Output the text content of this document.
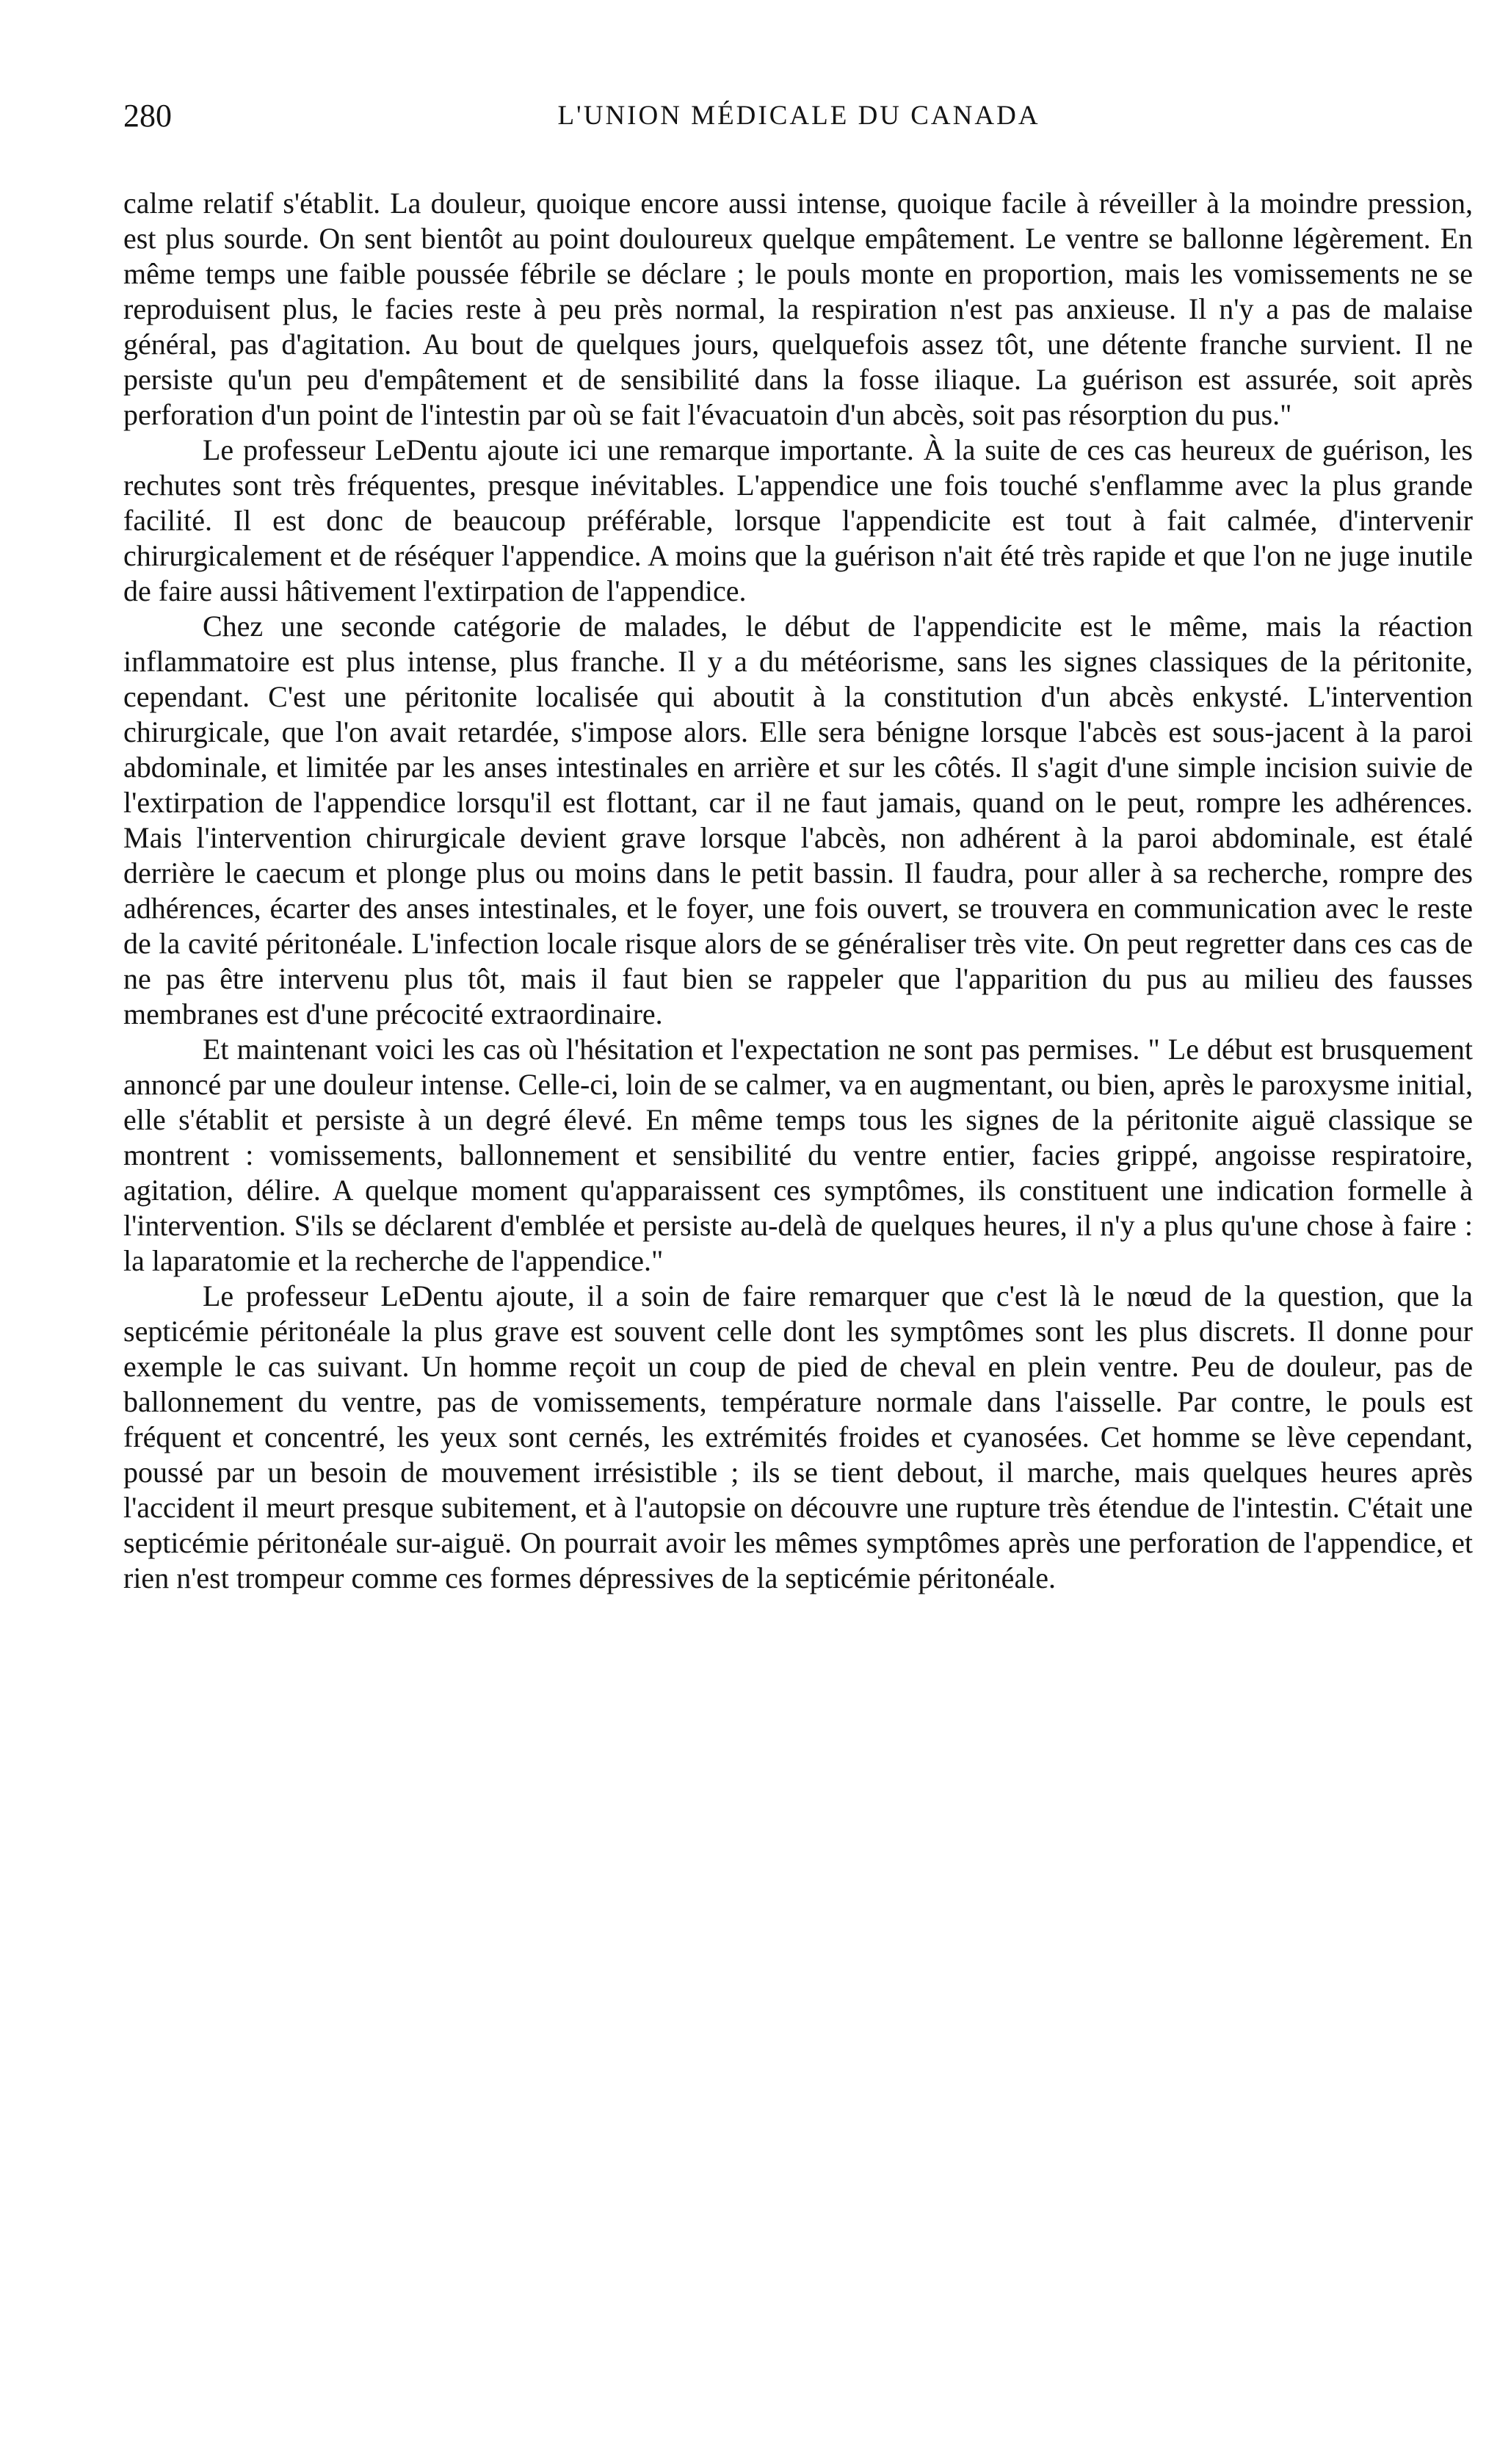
280	L'UNION MÉDICALE DU CANADA

calme relatif s'établit. La douleur, quoique encore aussi intense, quoique facile à réveiller à la moindre pression, est plus sourde. On sent bientôt au point douloureux quelque empâtement. Le ventre se ballonne légèrement. En même temps une faible poussée fébrile se déclare ; le pouls monte en proportion, mais les vomissements ne se reproduisent plus, le facies reste à peu près normal, la respiration n'est pas anxieuse. Il n'y a pas de malaise général, pas d'agitation. Au bout de quelques jours, quelquefois assez tôt, une détente franche survient. Il ne persiste qu'un peu d'empâtement et de sensibilité dans la fosse iliaque. La guérison est assurée, soit après perforation d'un point de l'intestin par où se fait l'évacuatoin d'un abcès, soit pas résorption du pus."

Le professeur LeDentu ajoute ici une remarque importante. À la suite de ces cas heureux de guérison, les rechutes sont très fréquentes, presque inévitables. L'appendice une fois touché s'enflamme avec la plus grande facilité. Il est donc de beaucoup préférable, lorsque l'appendicite est tout à fait calmée, d'intervenir chirurgicalement et de réséquer l'appendice. A moins que la guérison n'ait été très rapide et que l'on ne juge inutile de faire aussi hâtivement l'extirpation de l'appendice.

Chez une seconde catégorie de malades, le début de l'appendicite est le même, mais la réaction inflammatoire est plus intense, plus franche. Il y a du météorisme, sans les signes classiques de la péritonite, cependant. C'est une péritonite localisée qui aboutit à la constitution d'un abcès enkysté. L'intervention chirurgicale, que l'on avait retardée, s'impose alors. Elle sera bénigne lorsque l'abcès est sous-jacent à la paroi abdominale, et limitée par les anses intestinales en arrière et sur les côtés. Il s'agit d'une simple incision suivie de l'extirpation de l'appendice lorsqu'il est flottant, car il ne faut jamais, quand on le peut, rompre les adhérences. Mais l'intervention chirurgicale devient grave lorsque l'abcès, non adhérent à la paroi abdominale, est étalé derrière le caecum et plonge plus ou moins dans le petit bassin. Il faudra, pour aller à sa recherche, rompre des adhérences, écarter des anses intestinales, et le foyer, une fois ouvert, se trouvera en communication avec le reste de la cavité péritonéale. L'infection locale risque alors de se généraliser très vite. On peut regretter dans ces cas de ne pas être intervenu plus tôt, mais il faut bien se rappeler que l'apparition du pus au milieu des fausses membranes est d'une précocité extraordinaire.

Et maintenant voici les cas où l'hésitation et l'expectation ne sont pas permises. " Le début est brusquement annoncé par une douleur intense. Celle-ci, loin de se calmer, va en augmentant, ou bien, après le paroxysme initial, elle s'établit et persiste à un degré élevé. En même temps tous les signes de la péritonite aiguë classique se montrent : vomissements, ballonnement et sensibilité du ventre entier, facies grippé, angoisse respiratoire, agitation, délire. A quelque moment qu'apparaissent ces symptômes, ils constituent une indication formelle à l'intervention. S'ils se déclarent d'emblée et persiste au-delà de quelques heures, il n'y a plus qu'une chose à faire : la laparatomie et la recherche de l'appendice."

Le professeur LeDentu ajoute, il a soin de faire remarquer que c'est là le nœud de la question, que la septicémie péritonéale la plus grave est souvent celle dont les symptômes sont les plus discrets. Il donne pour exemple le cas suivant. Un homme reçoit un coup de pied de cheval en plein ventre. Peu de douleur, pas de ballonnement du ventre, pas de vomissements, température normale dans l'aisselle. Par contre, le pouls est fréquent et concentré, les yeux sont cernés, les extrémités froides et cyanosées. Cet homme se lève cependant, poussé par un besoin de mouvement irrésistible ; ils se tient debout, il marche, mais quelques heures après l'accident il meurt presque subitement, et à l'autopsie on découvre une rupture très étendue de l'intestin. C'était une septicémie péritonéale sur-aiguë. On pourrait avoir les mêmes symptômes après une perforation de l'appendice, et rien n'est trompeur comme ces formes dépressives de la septicémie péritonéale.
